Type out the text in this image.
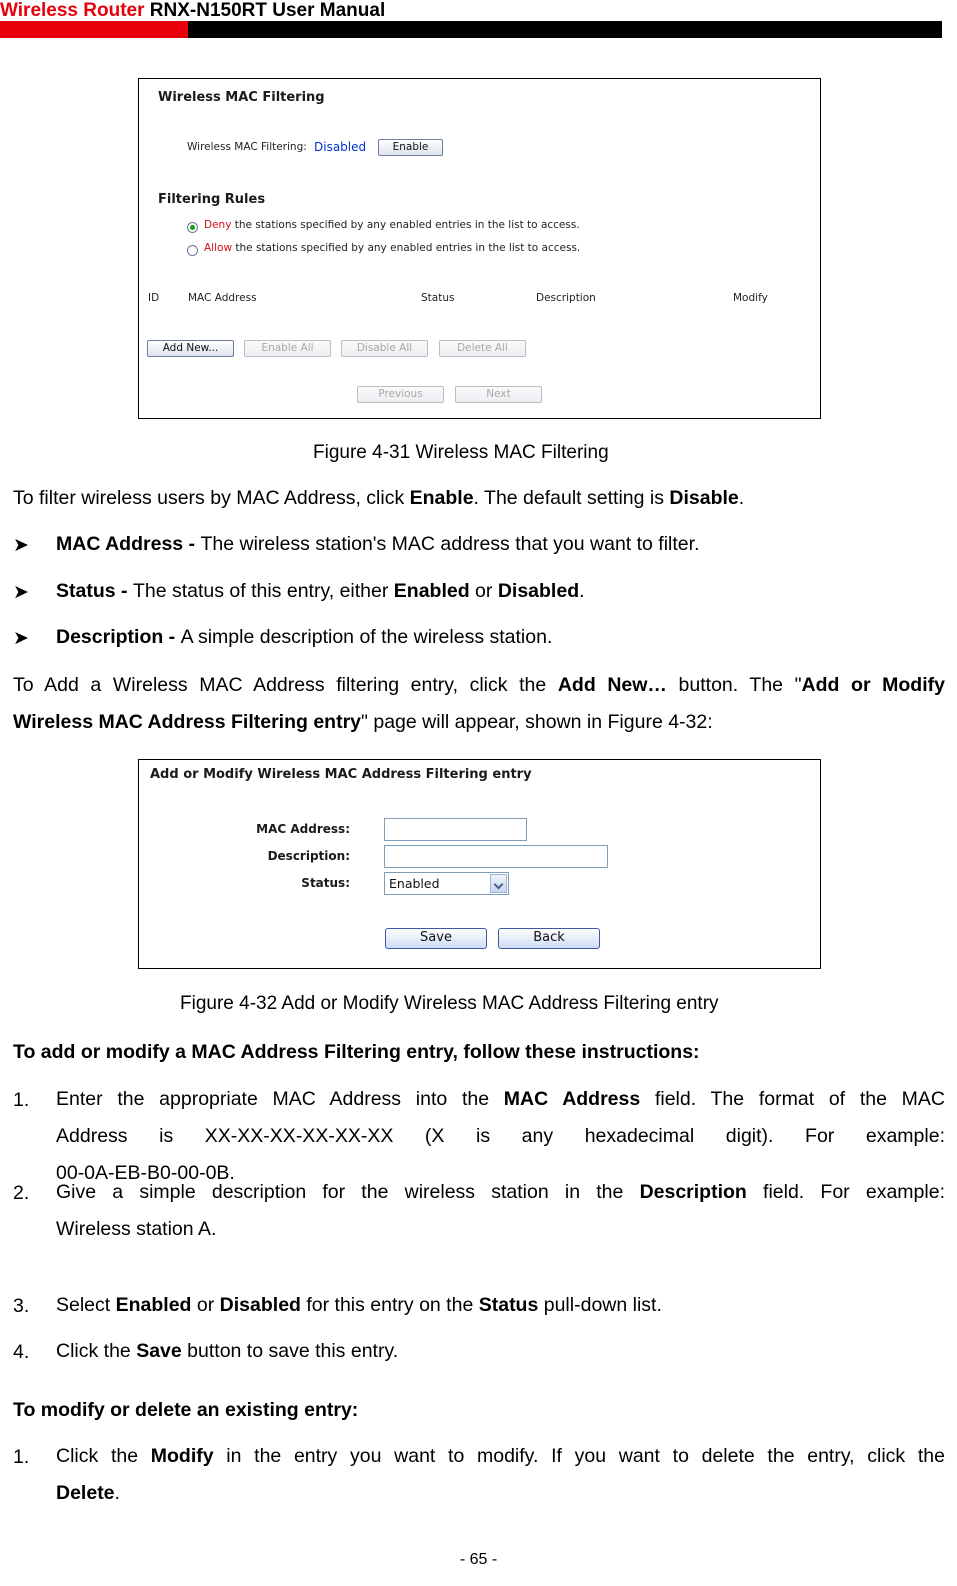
Wireless Router RNX-N150RT User Manual
Wireless MAC Filtering
Wireless MAC Filtering: Disabled	Enable
Filtering Rules
Deny the stations specified by any enabled entries in the list to access.
Allow the stations specified by any enabled entries in the list to access.
ID	MAC Address	Status	Description	Modify
Add New...	Enable All	Disable All	Delete All
Previous	Next
Figure 4-31 Wireless MAC Filtering
To filter wireless users by MAC Address, click Enable. The default setting is Disable.
➤ MAC Address - The wireless station's MAC address that you want to filter.
➤ Status - The status of this entry, either Enabled or Disabled.
➤ Description - A simple description of the wireless station.
To Add a Wireless MAC Address filtering entry, click the Add New… button. The "Add or Modify
Wireless MAC Address Filtering entry" page will appear, shown in Figure 4-32:
Add or Modify Wireless MAC Address Filtering entry
MAC Address:
Description:
Status:	Enabled
Save	Back
Figure 4-32 Add or Modify Wireless MAC Address Filtering entry
To add or modify a MAC Address Filtering entry, follow these instructions:
1. Enter the appropriate MAC Address into the MAC Address field. The format of the MAC
Address is XX-XX-XX-XX-XX-XX (X is any hexadecimal digit). For example:
00-0A-EB-B0-00-0B.
2. Give a simple description for the wireless station in the Description field. For example:
Wireless station A.
3. Select Enabled or Disabled for this entry on the Status pull-down list.
4. Click the Save button to save this entry.
To modify or delete an existing entry:
1. Click the Modify in the entry you want to modify. If you want to delete the entry, click the
Delete.
- 65 -
